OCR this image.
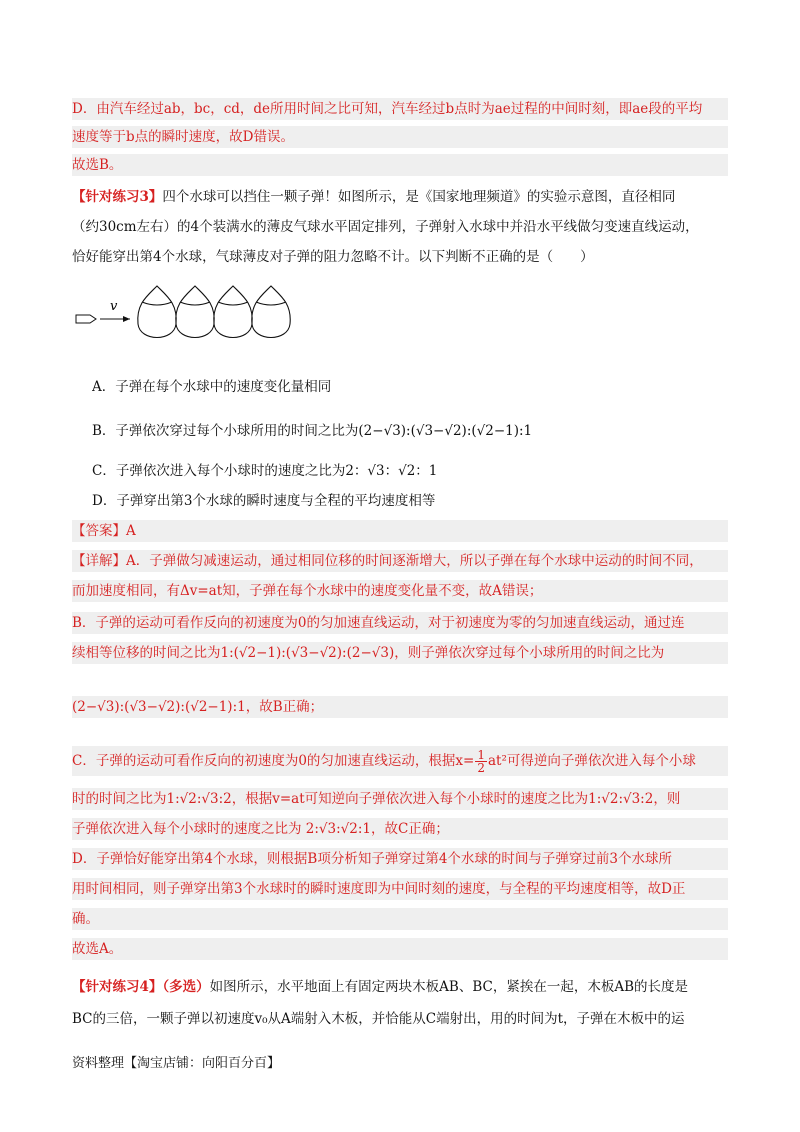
D．由汽车经过ab，bc，cd，de所用时间之比可知，汽车经过b点时为ae过程的中间时刻，即ae段的平均
速度等于b点的瞬时速度，故D错误。
故选B。
【针对练习3】四个水球可以挡住一颗子弹！如图所示，是《国家地理频道》的实验示意图，直径相同
（约30cm左右）的4个装满水的薄皮气球水平固定排列，子弹射入水球中并沿水平线做匀变速直线运动，
恰好能穿出第4个水球，气球薄皮对子弹的阻力忽略不计。以下判断不正确的是（　　）
v
A．子弹在每个水球中的速度变化量相同
B．子弹依次穿过每个小球所用的时间之比为(2−√3):(√3−√2):(√2−1):1
C．子弹依次进入每个小球时的速度之比为2：√3：√2：1
D．子弹穿出第3个水球的瞬时速度与全程的平均速度相等
【答案】A
【详解】A．子弹做匀减速运动，通过相同位移的时间逐渐增大，所以子弹在每个水球中运动的时间不同，
而加速度相同，有Δv=at知，子弹在每个水球中的速度变化量不变，故A错误；
B．子弹的运动可看作反向的初速度为0的匀加速直线运动，对于初速度为零的匀加速直线运动，通过连
续相等位移的时间之比为1:(√2−1):(√3−√2):(2−√3)，则子弹依次穿过每个小球所用的时间之比为
(2−√3):(√3−√2):(√2−1):1，故B正确；
C．子弹的运动可看作反向的初速度为0的匀加速直线运动，根据$x= \frac{1}{2} at^2$可得逆向子弹依次进入每个小球
时的时间之比为1:√2:√3:2，根据v=at可知逆向子弹依次进入每个小球时的速度之比为1:√2:√3:2，则
子弹依次进入每个小球时的速度之比为 2:√3:√2:1，故C正确；
D．子弹恰好能穿出第4个水球，则根据B项分析知子弹穿过第4个水球的时间与子弹穿过前3个水球所
用时间相同，则子弹穿出第3个水球时的瞬时速度即为中间时刻的速度，与全程的平均速度相等，故D正
确。
故选A。
【针对练习4】（多选）如图所示，水平地面上有固定两块木板AB、BC，紧挨在一起，木板AB的长度是
BC的三倍，一颗子弹以初速度v₀从A端射入木板，并恰能从C端射出，用的时间为t，子弹在木板中的运
资料整理【淘宝店铺：向阳百分百】
